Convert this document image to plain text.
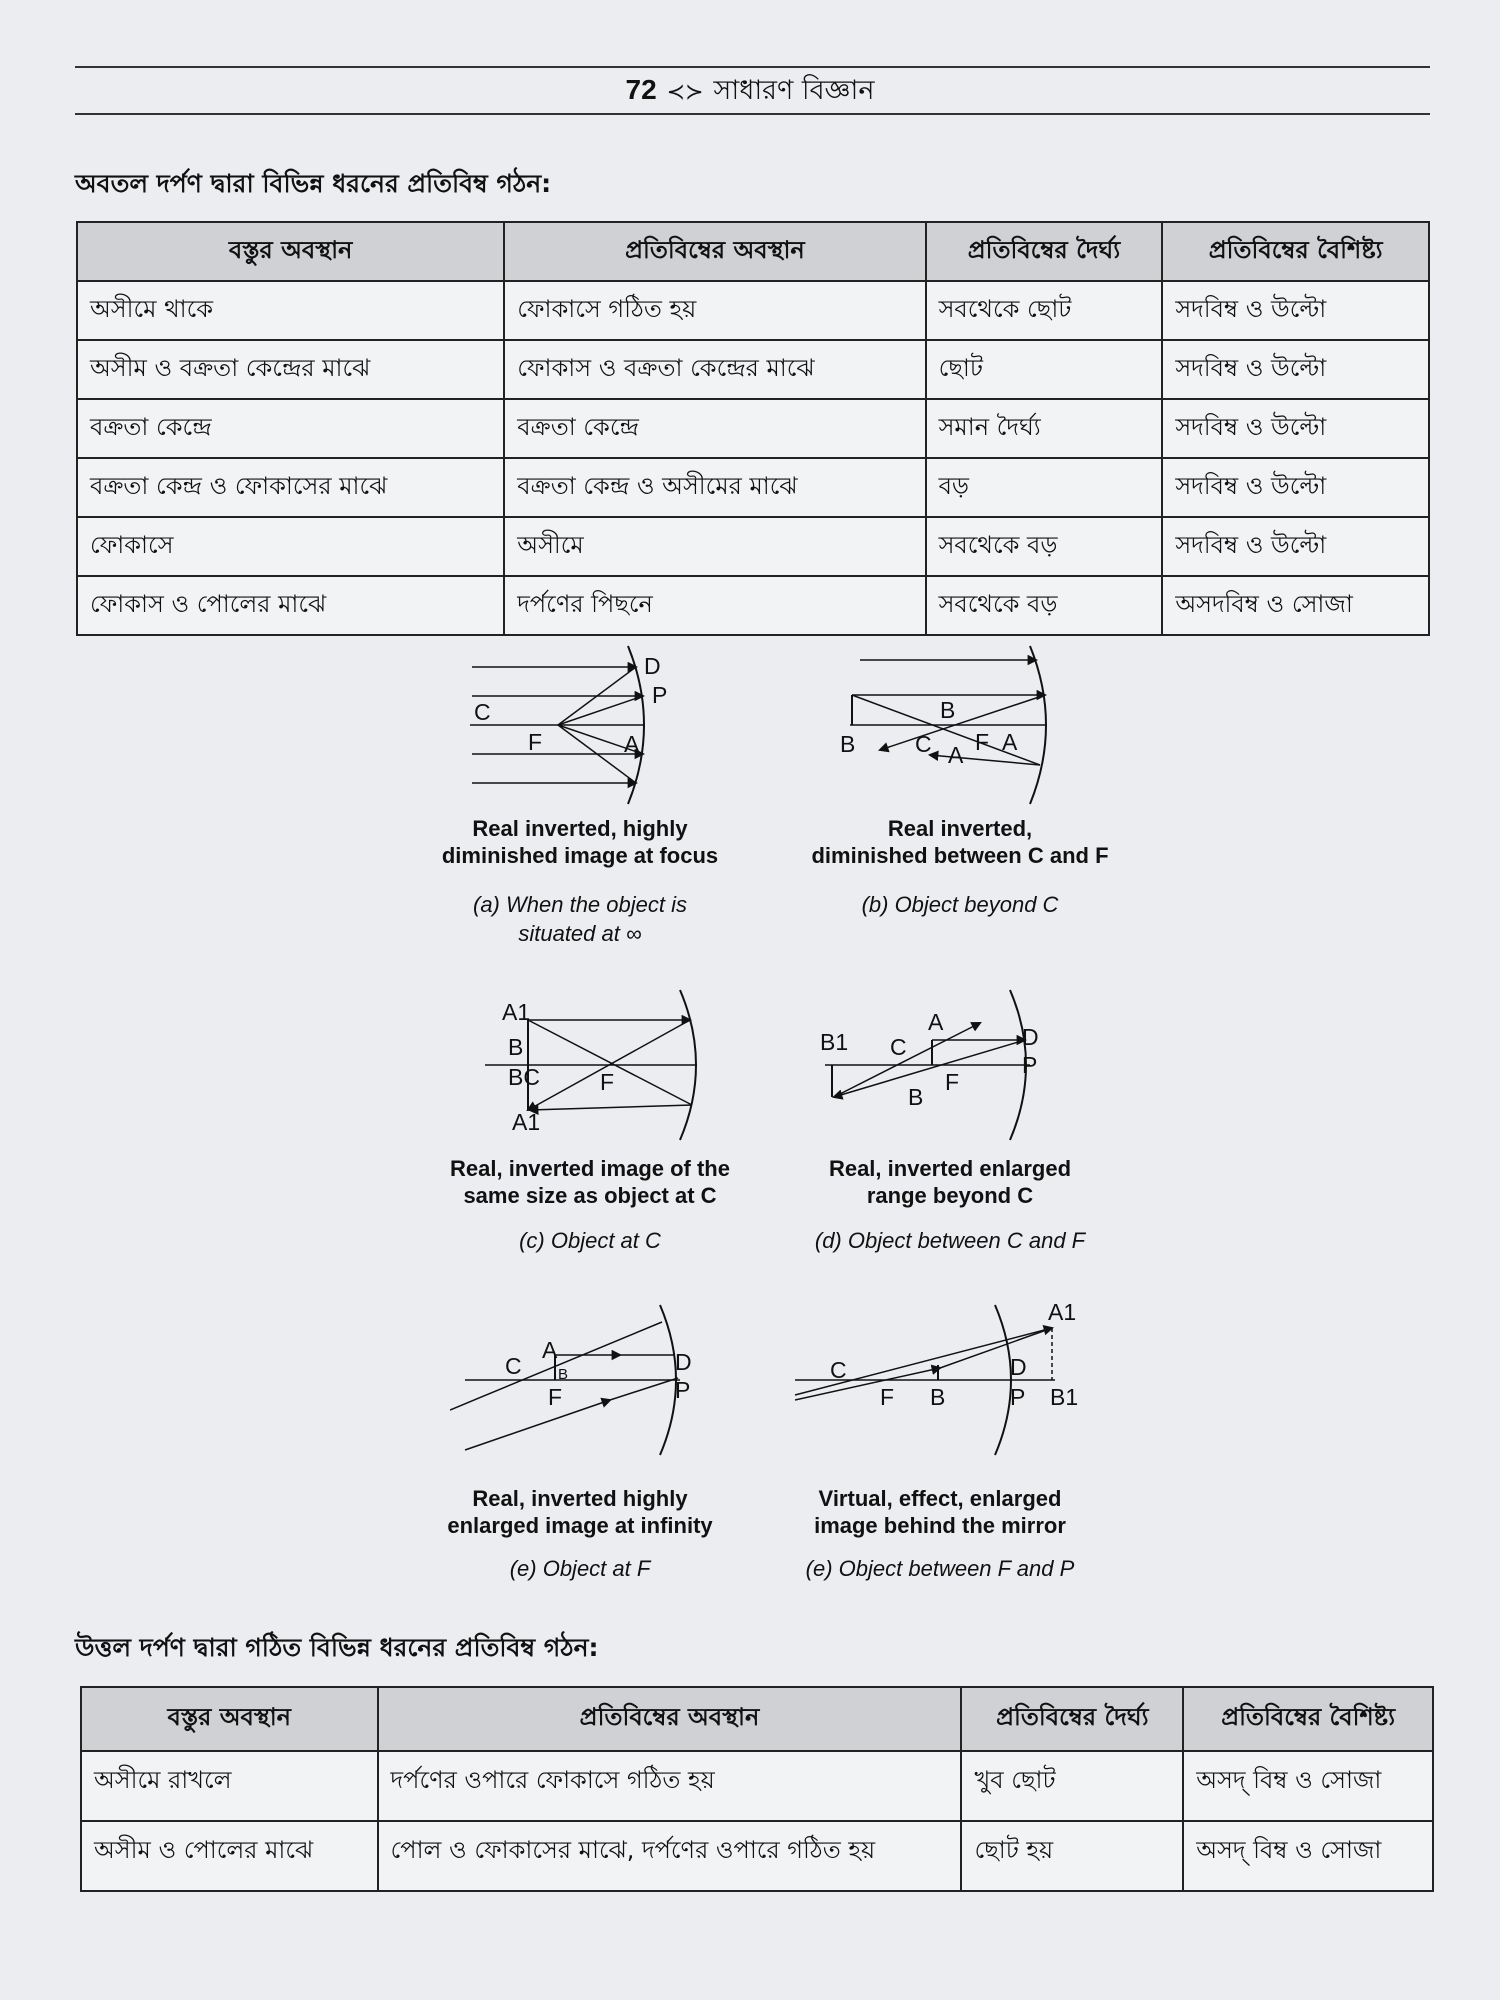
72 ≺≻ সাধারণ বিজ্ঞান
অবতল দর্পণ দ্বারা বিভিন্ন ধরনের প্রতিবিম্ব গঠন:
বস্তুর অবস্থান	প্রতিবিম্বের অবস্থান	প্রতিবিম্বের দৈর্ঘ্য	প্রতিবিম্বের বৈশিষ্ট্য
অসীমে থাকে	ফোকাসে গঠিত হয়	সবথেকে ছোট	সদবিম্ব ও উল্টো
অসীম ও বক্রতা কেন্দ্রের মাঝে	ফোকাস ও বক্রতা কেন্দ্রের মাঝে	ছোট	সদবিম্ব ও উল্টো
বক্রতা কেন্দ্রে	বক্রতা কেন্দ্রে	সমান দৈর্ঘ্য	সদবিম্ব ও উল্টো
বক্রতা কেন্দ্র ও ফোকাসের মাঝে	বক্রতা কেন্দ্র ও অসীমের মাঝে	বড়	সদবিম্ব ও উল্টো
ফোকাসে	অসীমে	সবথেকে বড়	সদবিম্ব ও উল্টো
ফোকাস ও পোলের মাঝে	দর্পণের পিছনে	সবথেকে বড়	অসদবিম্ব ও সোজা
C
F
D
P
A
Real inverted, highly
diminished image at focus
(a) When the object is
situated at ∞
B
B	C F A
A
Real inverted,
diminished between C and F
(b) Object beyond C
A1
B
BC	F
A1
Real, inverted image of the
same size as object at C
(c) Object at C
B1 C
A
D
P
F
B
Real, inverted enlarged
range beyond C
(d) Object between C and F
C
A
B	D
P
F
Real, inverted highly
enlarged image at infinity
(e) Object at F
A1
C	D
F B	P B1
Virtual, effect, enlarged
image behind the mirror
(e) Object between F and P
উত্তল দর্পণ দ্বারা গঠিত বিভিন্ন ধরনের প্রতিবিম্ব গঠন:
বস্তুর অবস্থান	প্রতিবিম্বের অবস্থান	প্রতিবিম্বের দৈর্ঘ্য	প্রতিবিম্বের বৈশিষ্ট্য
অসীমে রাখলে	দর্পণের ওপারে ফোকাসে গঠিত হয়	খুব ছোট	অসদ্ বিম্ব ও সোজা
অসীম ও পোলের মাঝে	পোল ও ফোকাসের মাঝে, দর্পণের ওপারে গঠিত হয়	ছোট হয়	অসদ্ বিম্ব ও সোজা
